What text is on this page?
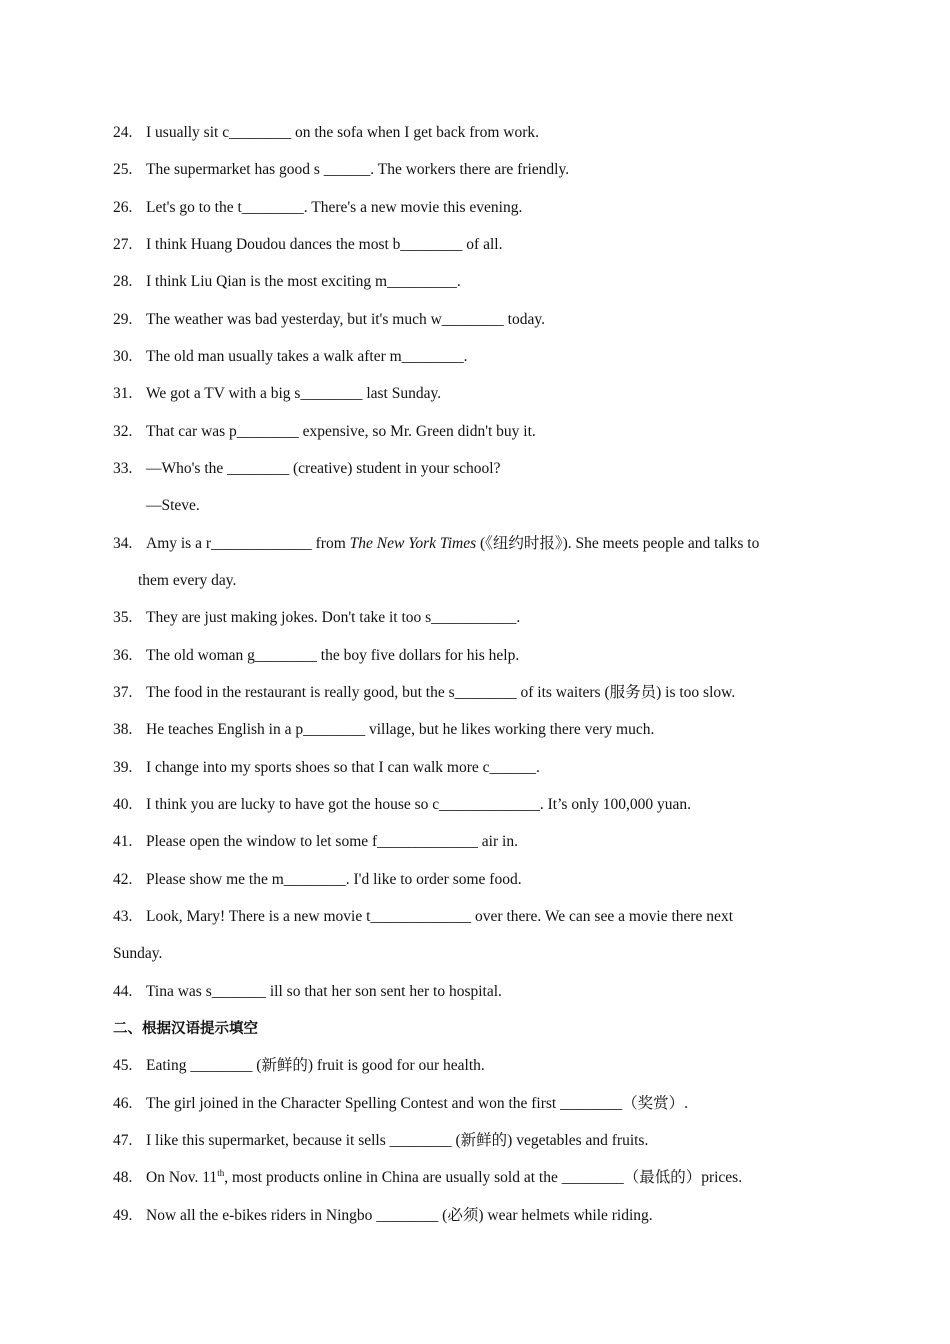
24. I usually sit c________ on the sofa when I get back from work.
25. The supermarket has good s ______. The workers there are friendly.
26. Let's go to the t________. There's a new movie this evening.
27. I think Huang Doudou dances the most b________ of all.
28. I think Liu Qian is the most exciting m_________.
29. The weather was bad yesterday, but it's much w________ today.
30. The old man usually takes a walk after m________.
31. We got a TV with a big s________ last Sunday.
32. That car was p________ expensive, so Mr. Green didn't buy it.
33. —Who's the ________ (creative) student in your school?
—Steve.
34. Amy is a r_____________ from The New York Times (《纽约时报》). She meets people and talks to
them every day.
35. They are just making jokes. Don't take it too s___________.
36. The old woman g________ the boy five dollars for his help.
37. The food in the restaurant is really good, but the s________ of its waiters (服务员) is too slow.
38. He teaches English in a p________ village, but he likes working there very much.
39. I change into my sports shoes so that I can walk more c______.
40. I think you are lucky to have got the house so c_____________. It’s only 100,000 yuan.
41. Please open the window to let some f_____________ air in.
42. Please show me the m________. I'd like to order some food.
43. Look, Mary! There is a new movie t_____________ over there. We can see a movie there next
Sunday.
44. Tina was s_______ ill so that her son sent her to hospital.
二、根据汉语提示填空
45. Eating ________ (新鲜的) fruit is good for our health.
46. The girl joined in the Character Spelling Contest and won the first ________（奖赏）.
47. I like this supermarket, because it sells ________ (新鲜的) vegetables and fruits.
48. On Nov. 11th, most products online in China are usually sold at the ________（最低的）prices.
49. Now all the e-bikes riders in Ningbo ________ (必须) wear helmets while riding.
